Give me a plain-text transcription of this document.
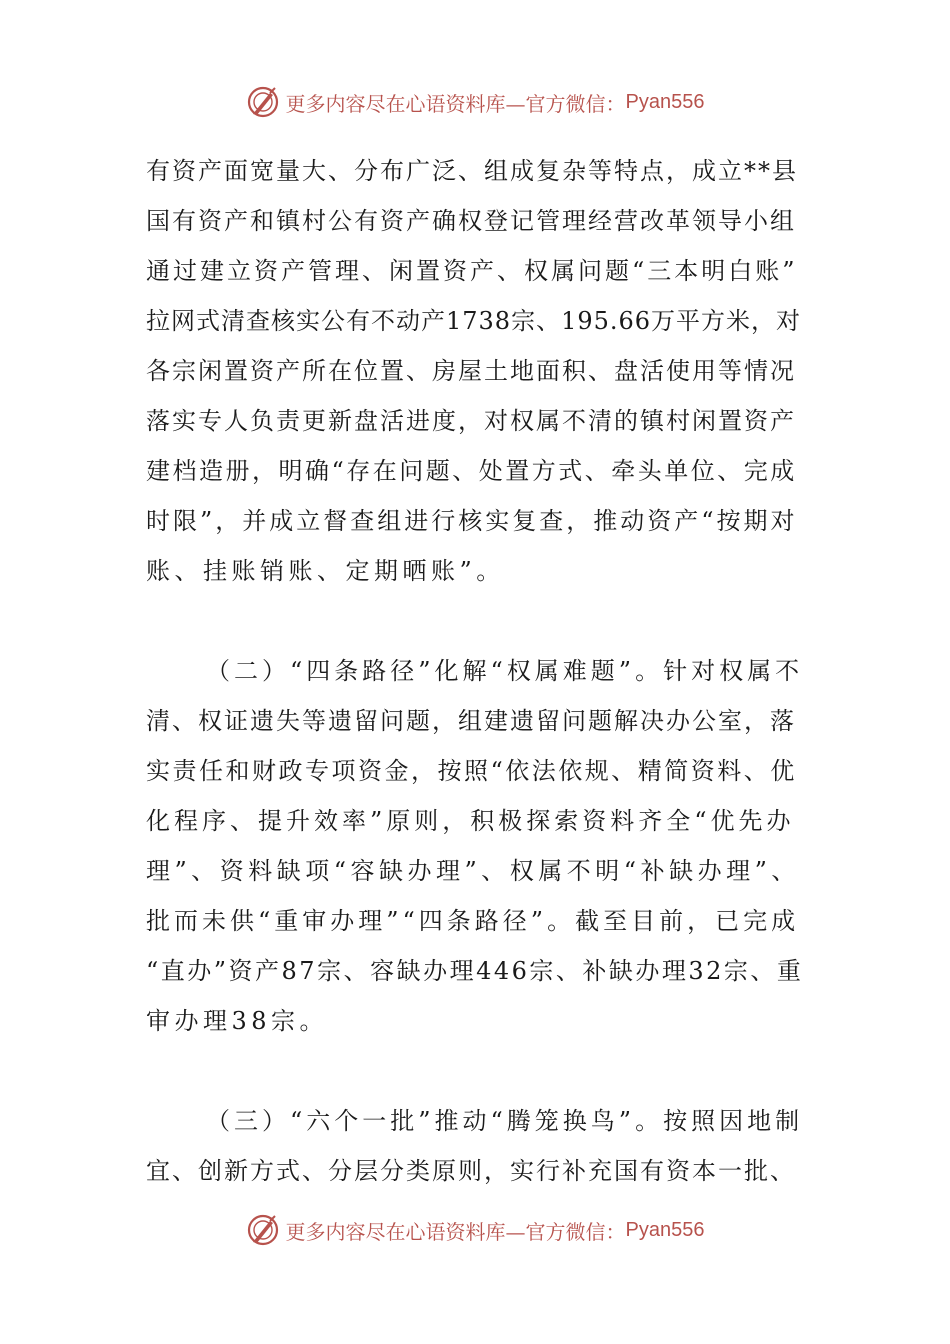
更多内容尽在心语资料库—官方微信： Pyan556
有资产面宽量大、分布广泛、组成复杂等特点，成立**县
国有资产和镇村公有资产确权登记管理经营改革领导小组
通过建立资产管理、闲置资产、权属问题“三本明白账”
拉网式清查核实公有不动产1738宗、195.66万平方米，对
各宗闲置资产所在位置、房屋土地面积、盘活使用等情况
落实专人负责更新盘活进度，对权属不清的镇村闲置资产
建档造册，明确“存在问题、处置方式、牵头单位、完成
时限”，并成立督查组进行核实复查，推动资产“按期对
账、挂账销账、定期晒账”。
（二）“四条路径”化解“权属难题”。针对权属不
清、权证遗失等遗留问题，组建遗留问题解决办公室，落
实责任和财政专项资金，按照“依法依规、精简资料、优
化程序、提升效率”原则，积极探索资料齐全“优先办
理”、资料缺项“容缺办理”、权属不明“补缺办理”、
批而未供“重审办理”“四条路径”。截至目前，已完成
“直办”资产87宗、容缺办理446宗、补缺办理32宗、重
审办理38宗。
（三）“六个一批”推动“腾笼换鸟”。按照因地制
宜、创新方式、分层分类原则，实行补充国有资本一批、
更多内容尽在心语资料库—官方微信： Pyan556
